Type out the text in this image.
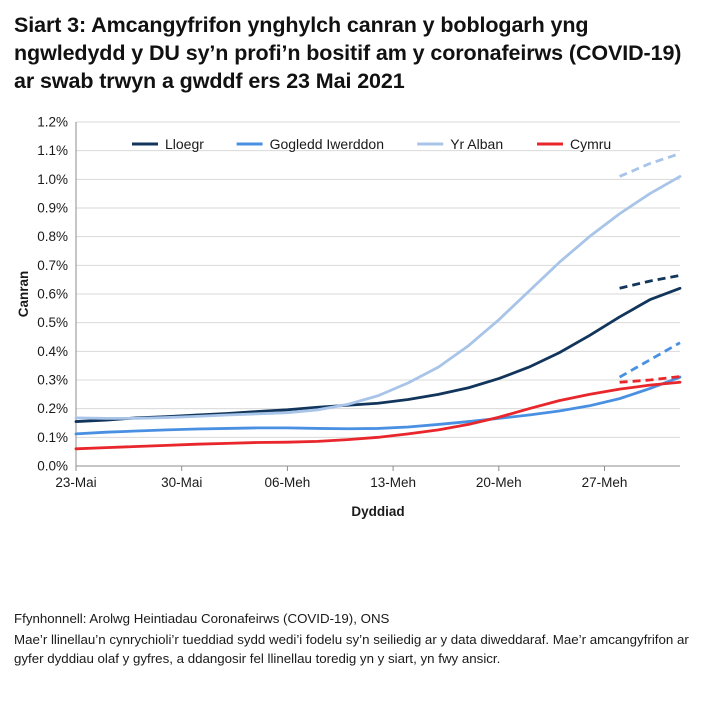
Siart 3: Amcangyfrifon ynghylch canran y boblogarh yng ngwledydd y DU sy’n profi’n bositif am y coronafeirws (COVID-19) ar swab trwyn a gwddf ers 23 Mai 2021
0.0%
0.1%
0.2%
0.3%
0.4%
0.5%
0.6%
0.7%
0.8%
0.9%
1.0%
1.1%
1.2%
23-Mai	30-Mai	06-Meh	13-Meh	20-Meh	27-Meh
Dyddiad
Canran
Lloegr	Gogledd Iwerddon	Yr Alban	Cymru

Ffynhonnell: Arolwg Heintiadau Coronafeirws (COVID-19), ONS

Mae’r llinellau’n cynrychioli’r tueddiad sydd wedi’i fodelu sy’n seiliedig ar y data diweddaraf. Mae’r amcangyfrifon ar gyfer dyddiau olaf y gyfres, a ddangosir fel llinellau toredig yn y siart, yn fwy ansicr.
